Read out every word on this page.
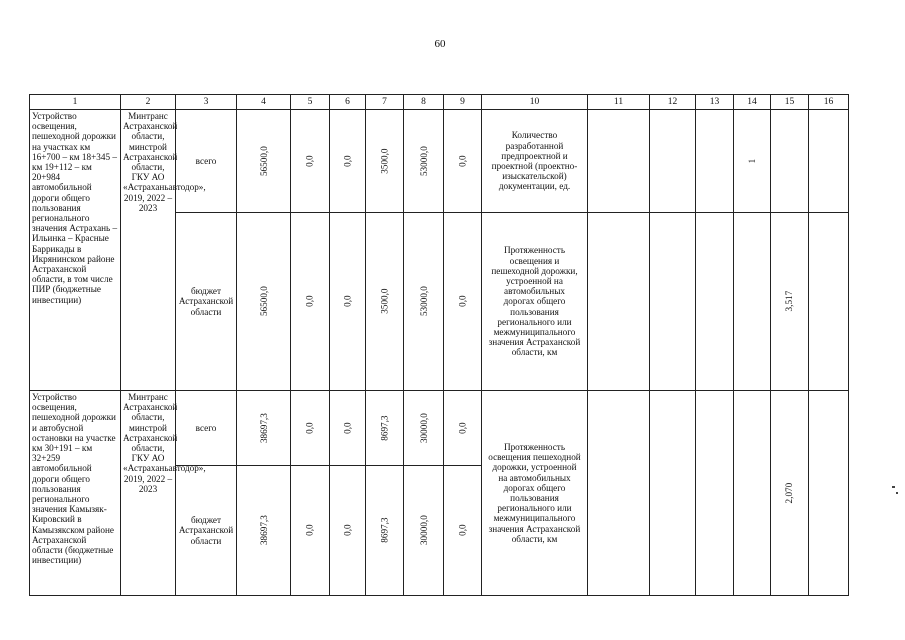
60
1	2	3	4	5	6	7	8	9	10	11	12	13	14	15	16
Устройство освещения, пешеходной дорожки на участках км 16+700 – км 18+345 – км 19+112 – км 20+984 автомобильной дороги общего пользования регионального значения Астрахань – Ильинка – Красные Баррикады в Икрянинском районе Астраханской области, в том числе ПИР (бюджетные инвестиции)	Минтранс Астраханской области, минстрой Астраханской области, ГКУ АО «Астраханьавтодор», 2019, 2022 – 2023	всего	56500,0	0,0	0,0	3500,0	53000,0	0,0	Количество разработанной предпроектной и проектной (проектно-изыскательской) документации, ед.				1		
		бюджет Астраханской области	56500,0	0,0	0,0	3500,0	53000,0	0,0	Протяженность освещения и пешеходной дорожки, устроенной на автомобильных дорогах общего пользования регионального или межмуниципального значения Астраханской области, км					3,517	
Устройство освещения, пешеходной дорожки и автобусной остановки на участке км 30+191 – км 32+259 автомобильной дороги общего пользования регионального значения Камызяк-Кировский в Камызякском районе Астраханской области (бюджетные инвестиции)	Минтранс Астраханской области, минстрой Астраханской области, ГКУ АО «Астраханьавтодор», 2019, 2022 – 2023	всего	38697,3	0,0	0,0	8697,3	30000,0	0,0	Протяженность освещения пешеходной дорожки, устроенной на автомобильных дорогах общего пользования регионального или межмуниципального значения Астраханской области, км					2,070	
		бюджет Астраханской области	38697,3	0,0	0,0	8697,3	30000,0	0,0							
